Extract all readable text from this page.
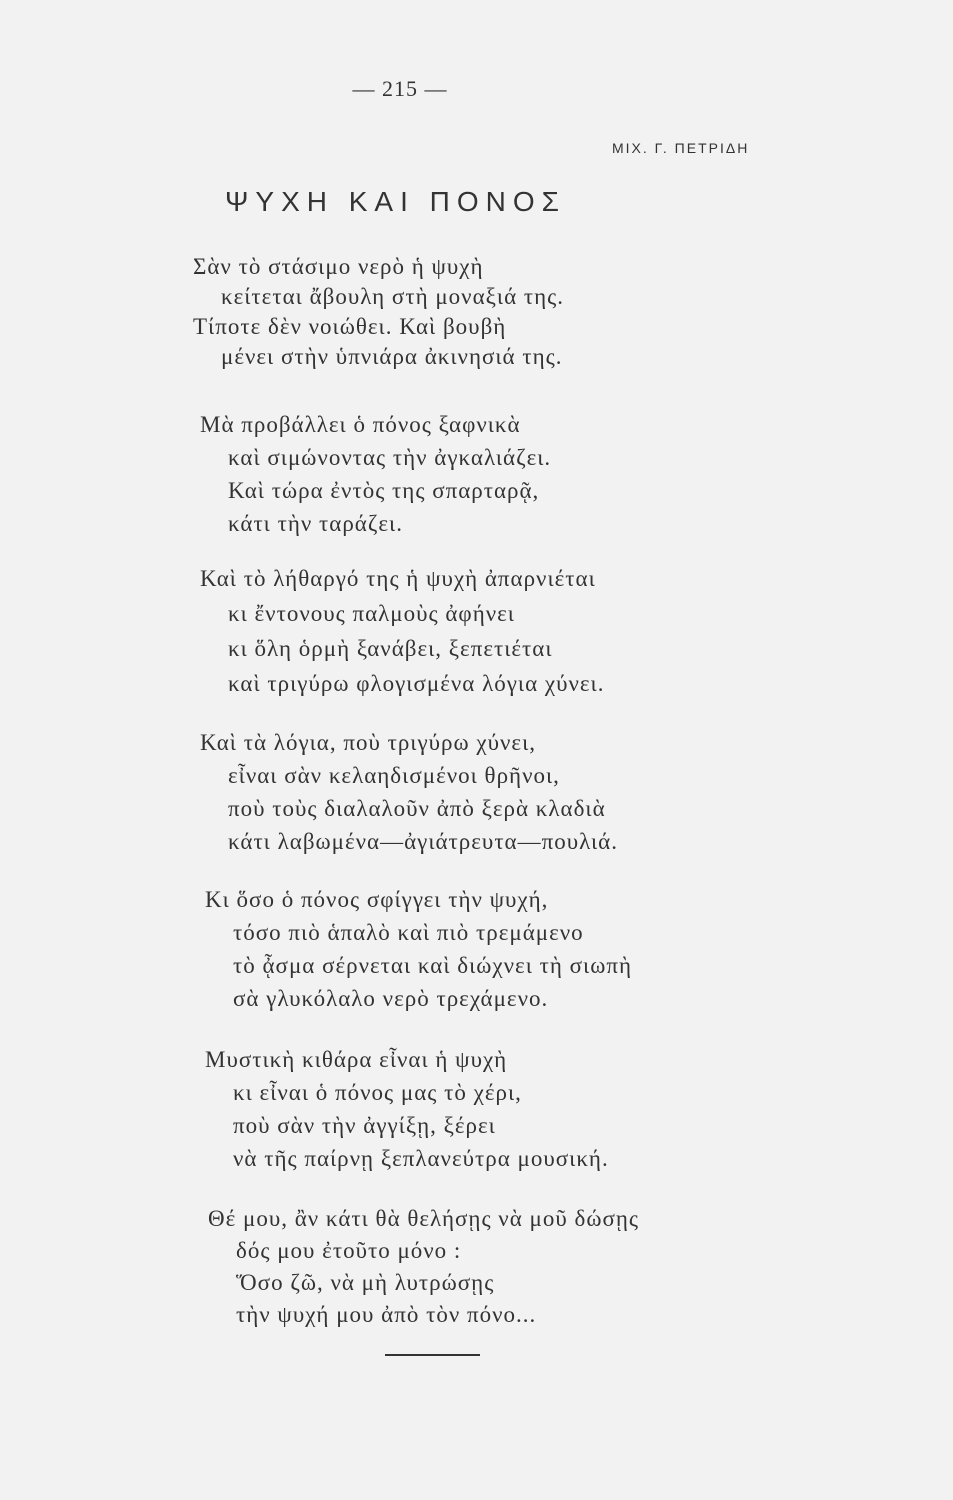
— 215 —
ΜΙΧ. Γ. ΠΕΤΡΙΔΗ
ΨΥΧΗ ΚΑΙ ΠΟΝΟΣ
Σὰν τὸ στάσιμο νερὸ ἡ ψυχὴ
κείτεται ἄβουλη στὴ μοναξιά της.
Τίποτε δὲν νοιώθει. Καὶ βουβὴ
μένει στὴν ὑπνιάρα ἀκινησιά της.
Μὰ προβάλλει ὁ πόνος ξαφνικὰ
καὶ σιμώνοντας τὴν ἀγκαλιάζει.
Καὶ τώρα ἐντὸς της σπαρταρᾷ,
κάτι τὴν ταράζει.
Καὶ τὸ λήθαργό της ἡ ψυχὴ ἀπαρνιέται
κι ἔντονους παλμοὺς ἀφήνει
κι ὅλη ὁρμὴ ξανάβει, ξεπετιέται
καὶ τριγύρω φλογισμένα λόγια χύνει.
Καὶ τὰ λόγια, ποὺ τριγύρω χύνει,
εἶναι σὰν κελαηδισμένοι θρῆνοι,
ποὺ τοὺς διαλαλοῦν ἀπὸ ξερὰ κλαδιὰ
κάτι λαβωμένα—ἀγιάτρευτα—πουλιά.
Κι ὅσο ὁ πόνος σφίγγει τὴν ψυχή,
τόσο πιὸ ἁπαλὸ καὶ πιὸ τρεμάμενο
τὸ ᾆσμα σέρνεται καὶ διώχνει τὴ σιωπὴ
σὰ γλυκόλαλο νερὸ τρεχάμενο.
Μυστικὴ κιθάρα εἶναι ἡ ψυχὴ
κι εἶναι ὁ πόνος μας τὸ χέρι,
ποὺ σὰν τὴν ἀγγίξῃ, ξέρει
νὰ τῆς παίρνῃ ξεπλανεύτρα μουσική.
Θέ μου, ἂν κάτι θὰ θελήσῃς νὰ μοῦ δώσῃς
δός μου ἐτοῦτο μόνο :
Ὅσο ζῶ, νὰ μὴ λυτρώσῃς
τὴν ψυχή μου ἀπὸ τὸν πόνο...
